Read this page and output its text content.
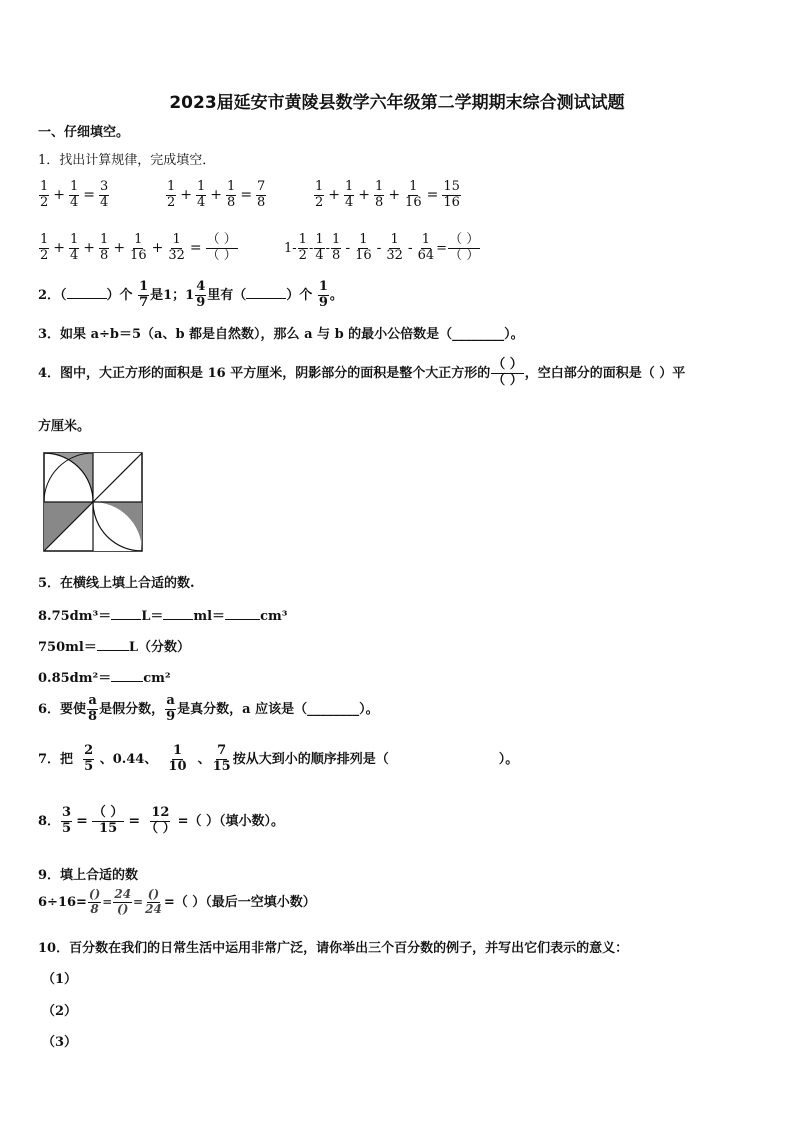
2023届延安市黄陵县数学六年级第二学期期末综合测试试题
一、仔细填空。
1．找出计算规律，完成填空．
$\frac{1}{2} + \frac{1}{4} = \frac{3}{4}$	$\frac{1}{2} + \frac{1}{4} + \frac{1}{8} = \frac{7}{8}$	$\frac{1}{2} + \frac{1}{4} + \frac{1}{8} + \frac{1}{16} = \frac{15}{16}$
$\frac{1}{2} + \frac{1}{4} + \frac{1}{8} + \frac{1}{16} + \frac{1}{32} = \frac{( )}{( )}$	$1- \frac{1}{2} - \frac{1}{4} - \frac{1}{8} - \frac{1}{16} - \frac{1}{32} - \frac{1}{64} = \frac{( )}{( )}$
2．（	）个 $\frac{1}{7}$ 是1；$1 \frac{4}{9}$ 里有（	）个 $\frac{1}{9}$ 。
3．如果 a÷b＝5（a、b 都是自然数），那么 a 与 b 的最小公倍数是（________）。
4．图中，大正方形的面积是 16 平方厘米，阴影部分的面积是整个大正方形的 $\frac{( )}{( )}$ ，空白部分的面积是（ ）平
方厘米。
5．在横线上填上合适的数.
8.75dm³＝ L＝ ml＝	cm³
750ml＝ L（分数）
0.85dm²＝ cm²
6．要使 $\frac{a}{8}$ 是假分数， $\frac{a}{9}$ 是真分数，a 应该是（________）。
7．把 $\frac{2}{5}$ 、0.44、 $\frac{1}{10}$ 、 $\frac{7}{15}$ 按从大到小的顺序排列是（	）。
8． $\frac{3}{5} = \frac{( )}{15} = \frac{12}{( )}$ =（ ）（填小数）。
9．填上合适的数
$6\div 16= \frac{()}{8} = \frac{24}{()} = \frac{()}{24}$ =（ ）（最后一空填小数）
10．百分数在我们的日常生活中运用非常广泛，请你举出三个百分数的例子，并写出它们表示的意义：
（1）
（2）
（3）
